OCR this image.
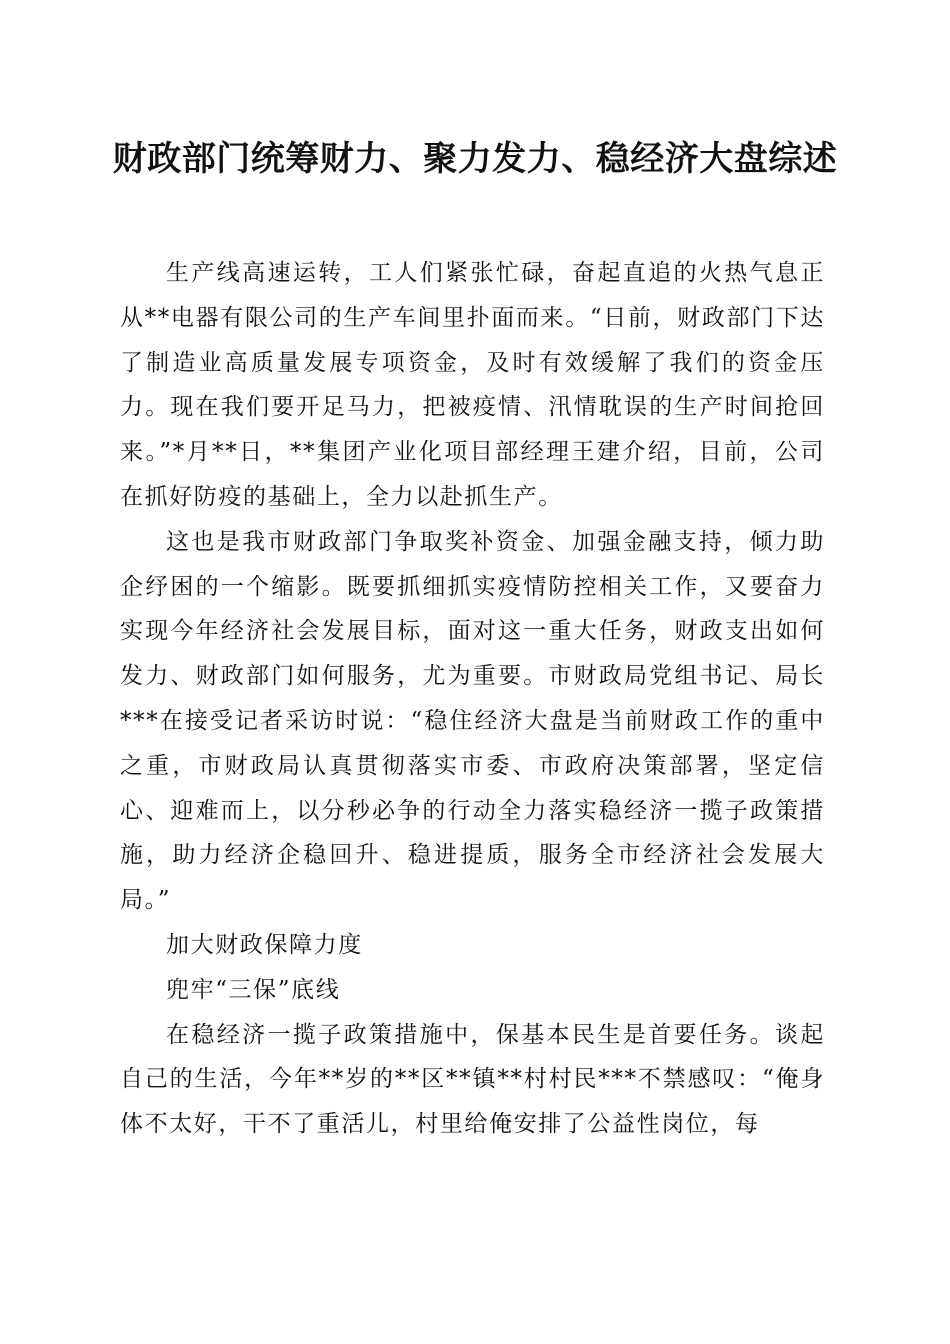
财政部门统筹财力、聚力发力、稳经济大盘综述

生产线高速运转，工人们紧张忙碌，奋起直追的火热气息正从**电器有限公司的生产车间里扑面而来。“日前，财政部门下达了制造业高质量发展专项资金，及时有效缓解了我们的资金压力。现在我们要开足马力，把被疫情、汛情耽误的生产时间抢回来。”*月**日，**集团产业化项目部经理王建介绍，目前，公司在抓好防疫的基础上，全力以赴抓生产。

这也是我市财政部门争取奖补资金、加强金融支持，倾力助企纾困的一个缩影。既要抓细抓实疫情防控相关工作，又要奋力实现今年经济社会发展目标，面对这一重大任务，财政支出如何发力、财政部门如何服务，尤为重要。市财政局党组书记、局长***在接受记者采访时说：“稳住经济大盘是当前财政工作的重中之重，市财政局认真贯彻落实市委、市政府决策部署，坚定信心、迎难而上，以分秒必争的行动全力落实稳经济一揽子政策措施，助力经济企稳回升、稳进提质，服务全市经济社会发展大局。”

加大财政保障力度

兜牢“三保”底线

在稳经济一揽子政策措施中，保基本民生是首要任务。谈起自己的生活，今年**岁的**区**镇**村村民***不禁感叹：“俺身体不太好，干不了重活儿，村里给俺安排了公益性岗位，每
